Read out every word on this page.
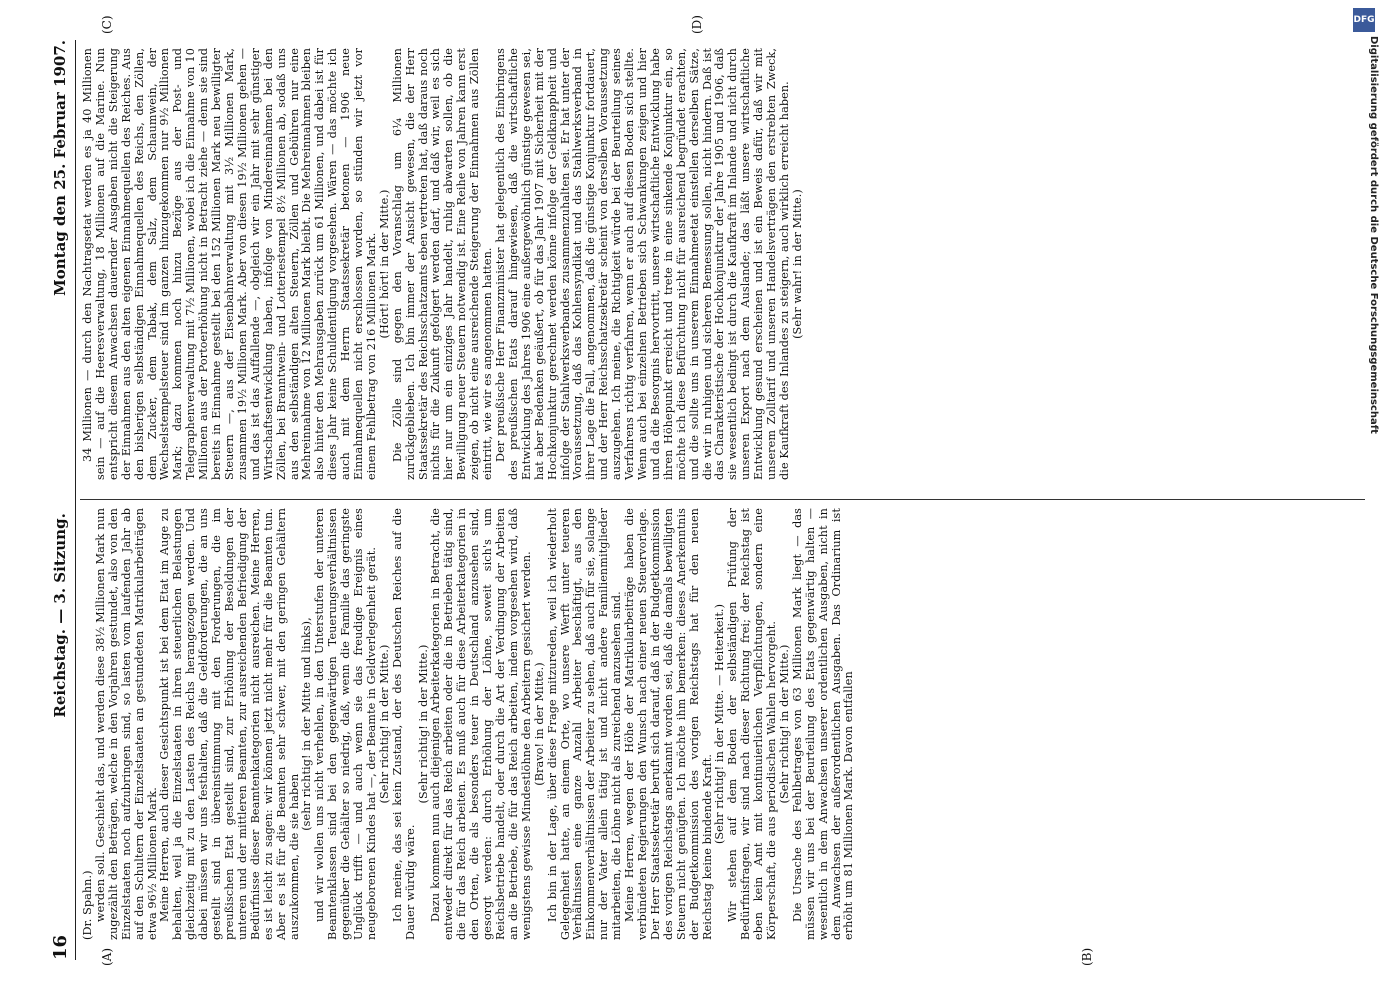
16
Reichstag. — 3. Sitzung.
Montag den 25. Februar 1907.
(A)	(B)
(C)	(D)

(Dr. Spahn.) werden soll. Geschieht das, und werden diese 38½ Millionen Mark nun zugezählt den Beträgen, welche in den Vorjahren gestundet, also von den Einzelstaaten noch aufzubringen sind, so lasten vom laufenden Jahr ab auf den Schultern der Einzelstaaten an gestundeten Matrikularbeiträgen etwa 96½ Millionen Mark. Meine Herren, auch dieser Gesichtspunkt ist bei dem Etat im Auge zu behalten, weil ja die Einzelstaaten in ihren steuerlichen Belastungen gleichzeitig mit zu den Lasten des Reichs herangezogen werden. Und dabei müssen wir uns festhalten, daß die Geldforderungen, die an uns gestellt sind in übereinstimmung mit den Forderungen, die im preußischen Etat gestellt sind, zur Erhöhung der Besoldungen der unteren und der mittleren Beamten, zur ausreichenden Befriedigung der Bedürfnisse dieser Beamtenkategorien nicht ausreichen. Meine Herren, es ist leicht zu sagen: wir können jetzt nicht mehr für die Beamten tun. Aber es ist für die Beamten sehr schwer, mit den geringen Gehältern auszukommen, die sie haben

(sehr richtig! in der Mitte und links), und wir wollen uns nicht verhehlen, in den Unterstufen der unteren Beamtenklassen sind bei den gegenwärtigen Teuerungsverhältnissen gegenüber die Gehälter so niedrig, daß, wenn die Familie das geringste Unglück trifft — und auch wenn sie das freudige Ereignis eines neugeborenen Kindes hat —, der Beamte in Geldverlegenheit gerät. (Sehr richtig! in der Mitte.) Ich meine, das sei kein Zustand, der des Deutschen Reiches auf die Dauer würdig wäre.

(Sehr richtig! in der Mitte.) Dazu kommen nun auch diejenigen Arbeiterkategorien in Betracht, die entweder direkt für das Reich arbeiten oder die in Betrieben tätig sind, die für das Reich arbeiten. Es muß auch für diese Arbeiterkategorien in den Orten, die als besonders teuer in Deutschland anzusehen sind, gesorgt werden: durch Erhöhung der Löhne, soweit sich's um Reichsbetriebe handelt, oder durch die Art der Verdingung der Arbeiten an die Betriebe, die für das Reich arbeiten, indem vorgesehen wird, daß wenigstens gewisse Mindestlöhne den Arbeitern gesichert werden. (Bravo! in der Mitte.) Ich bin in der Lage, über diese Frage mitzureden, weil ich wiederholt Gelegenheit hatte, an einem Orte, wo unsere Werft unter teueren Verhältnissen eine ganze Anzahl Arbeiter beschäftigt, aus den Einkommenverhältnissen der Arbeiter zu sehen, daß auch für sie, solange nur der Vater allein tätig ist und nicht andere Familienmitglieder mitarbeiten, die Löhne nicht als zureichend anzusehen sind. Meine Herren, wegen der Höhe der Matrikularbeiträge haben die verbündeten Regierungen den Wunsch nach einer neuen Steuervorlage. Der Herr Staatssekretär beruft sich darauf, daß in der Budgetkommission des vorigen Reichstags anerkannt worden sei, daß die damals bewilligten Steuern nicht genügten. Ich möchte ihm bemerken: dieses Anerkenntnis der Budgetkommission des vorigen Reichstags hat für den neuen Reichstag keine bindende Kraft.

(Sehr richtig! in der Mitte. — Heiterkeit.) Wir stehen auf dem Boden der selbständigen Prüfung der Bedürfnisfragen, wir sind nach dieser Richtung frei; der Reichstag ist eben kein Amt mit kontinuierlichen Verpflichtungen, sondern eine Körperschaft, die aus periodischen Wahlen hervorgeht. (Sehr richtig! in der Mitte.) Die Ursache des Fehlbetrages von 63 Millionen Mark liegt — das müssen wir uns bei der Beurteilung des Etats gegenwärtig halten — wesentlich in dem Anwachsen unserer ordentlichen Ausgaben, nicht in dem Anwachsen der außerordentlichen Ausgaben. Das Ordinarium ist erhöht um 81 Millionen Mark. Davon entfallen

34 Millionen — durch den Nachtragsetat werden es ja 40 Millionen sein — auf die Heeresverwaltung, 18 Millionen auf die Marine. Nun entspricht diesem Anwachsen dauernder Ausgaben nicht die Steigerung der Einnahmen aus den alten eigenen Einnahmequellen des Reiches. Aus den bisherigen selbständigen Einnahmequellen des Reichs, den Zöllen, dem Zucker, dem Tabak, dem Salz, dem Schaumwein, der Wechselstempelsteuer sind im ganzen hinzugekommen nur 9½ Millionen Mark; dazu kommen noch hinzu Bezüge aus der Post- und Telegraphenverwaltung mit 7½ Millionen, wobei ich die Einnahme von 10 Millionen aus der Portoerhöhung nicht in Betracht ziehe — denn sie sind bereits in Einnahme gestellt bei den 152 Millionen Mark neu bewilligter Steuern —, aus der Eisenbahnverwaltung mit 3½ Millionen Mark, zusammen 19½ Millionen Mark. Aber von diesen 19½ Millionen gehen — und das ist das Auffallende —, obgleich wir ein Jahr mit sehr günstiger Wirtschaftsentwicklung haben, infolge von Mindereinnahmen bei den Zöllen, bei Branntwein- und Lotteriestempel 8½ Millionen ab, sodaß uns aus den selbständigen alten Steuern, Zöllen und Gebühren nur eine Mehreinnahme von 12 Millionen Mark bleibt. Die Mehreinnahmen bleiben also hinter den Mehrausgaben zurück um 61 Millionen, und dabei ist für dieses Jahr keine Schuldentilgung vorgesehen. Wären — das möchte ich auch mit dem Herrn Staatssekretär betonen — 1906 neue Einnahmequellen nicht erschlossen worden, so stünden wir jetzt vor einem Fehlbetrag von 216 Millionen Mark. (Hört! hört! in der Mitte.) Die Zölle sind gegen den Voranschlag um 6¼ Millionen zurückgeblieben. Ich bin immer der Ansicht gewesen, die der Herr Staatssekretär des Reichsschatzamts eben vertreten hat, daß daraus noch nichts für die Zukunft gefolgert werden darf, und daß wir, weil es sich hier nur um ein einziges Jahr handelt, ruhig abwarten sollen, ob die Bewilligung neuer Steuern notwendig ist. Eine Reihe von Jahren kann erst zeigen, ob nicht eine ausreichende Steigerung der Einnahmen aus Zöllen eintritt, wie wir es angenommen hatten. Der preußische Herr Finanzminister hat gelegentlich des Einbringens des preußischen Etats darauf hingewiesen, daß die wirtschaftliche Entwicklung des Jahres 1906 eine außergewöhnlich günstige gewesen sei, hat aber Bedenken geäußert, ob für das Jahr 1907 mit Sicherheit mit der Hochkonjunktur gerechnet werden könne infolge der Geldknappheit und infolge der Stahlwerksverbandes zusammenzuhalten sei. Er hat unter der Voraussetzung, daß das Kohlensyndikat und das Stahlwerksverband in ihrer Lage die Fall, angenommen, daß die günstige Konjunktur fortdauert, und der Herr Reichsschatzsekretär scheint von derselben Voraussetzung auszugehen. Ich meine, die Richtigkeit würde bei der Beurteilung seines Verfahrens richtig verfahren, wenn er auch auf diesen Boden sich stellte. Wenn auch bei einzelnen Betrieben sich Schwankungen zeigen und hier und da die Besorgnis hervortritt, unsere wirtschaftliche Entwicklung habe ihren Höhepunkt erreicht und trete in eine sinkende Konjunktur ein, so möchte ich diese Befürchtung nicht für ausreichend begründet erachten, und die sollte uns in unserem Einnahmeetat einstellen derselben Sätze, die wir in ruhigen und sicheren Bemessung sollen, nicht hindern. Daß ist das Charakteristische der Hochkonjunktur der Jahre 1905 und 1906, daß sie wesentlich bedingt ist durch die Kaufkraft im Inlande und nicht durch unseren Export nach dem Auslande; das läßt unsere wirtschaftliche Entwicklung gesund erscheinen und ist ein Beweis dafür, daß wir mit unserem Zolltarif und unseren Handelsverträgen den erstrebten Zweck, die Kaufkraft des Inlandes zu steigern, auch wirklich erreicht haben. (Sehr wahr! in der Mitte.)

DFG
Digitalisierung gefördert durch die Deutsche Forschungsgemeinschaft
